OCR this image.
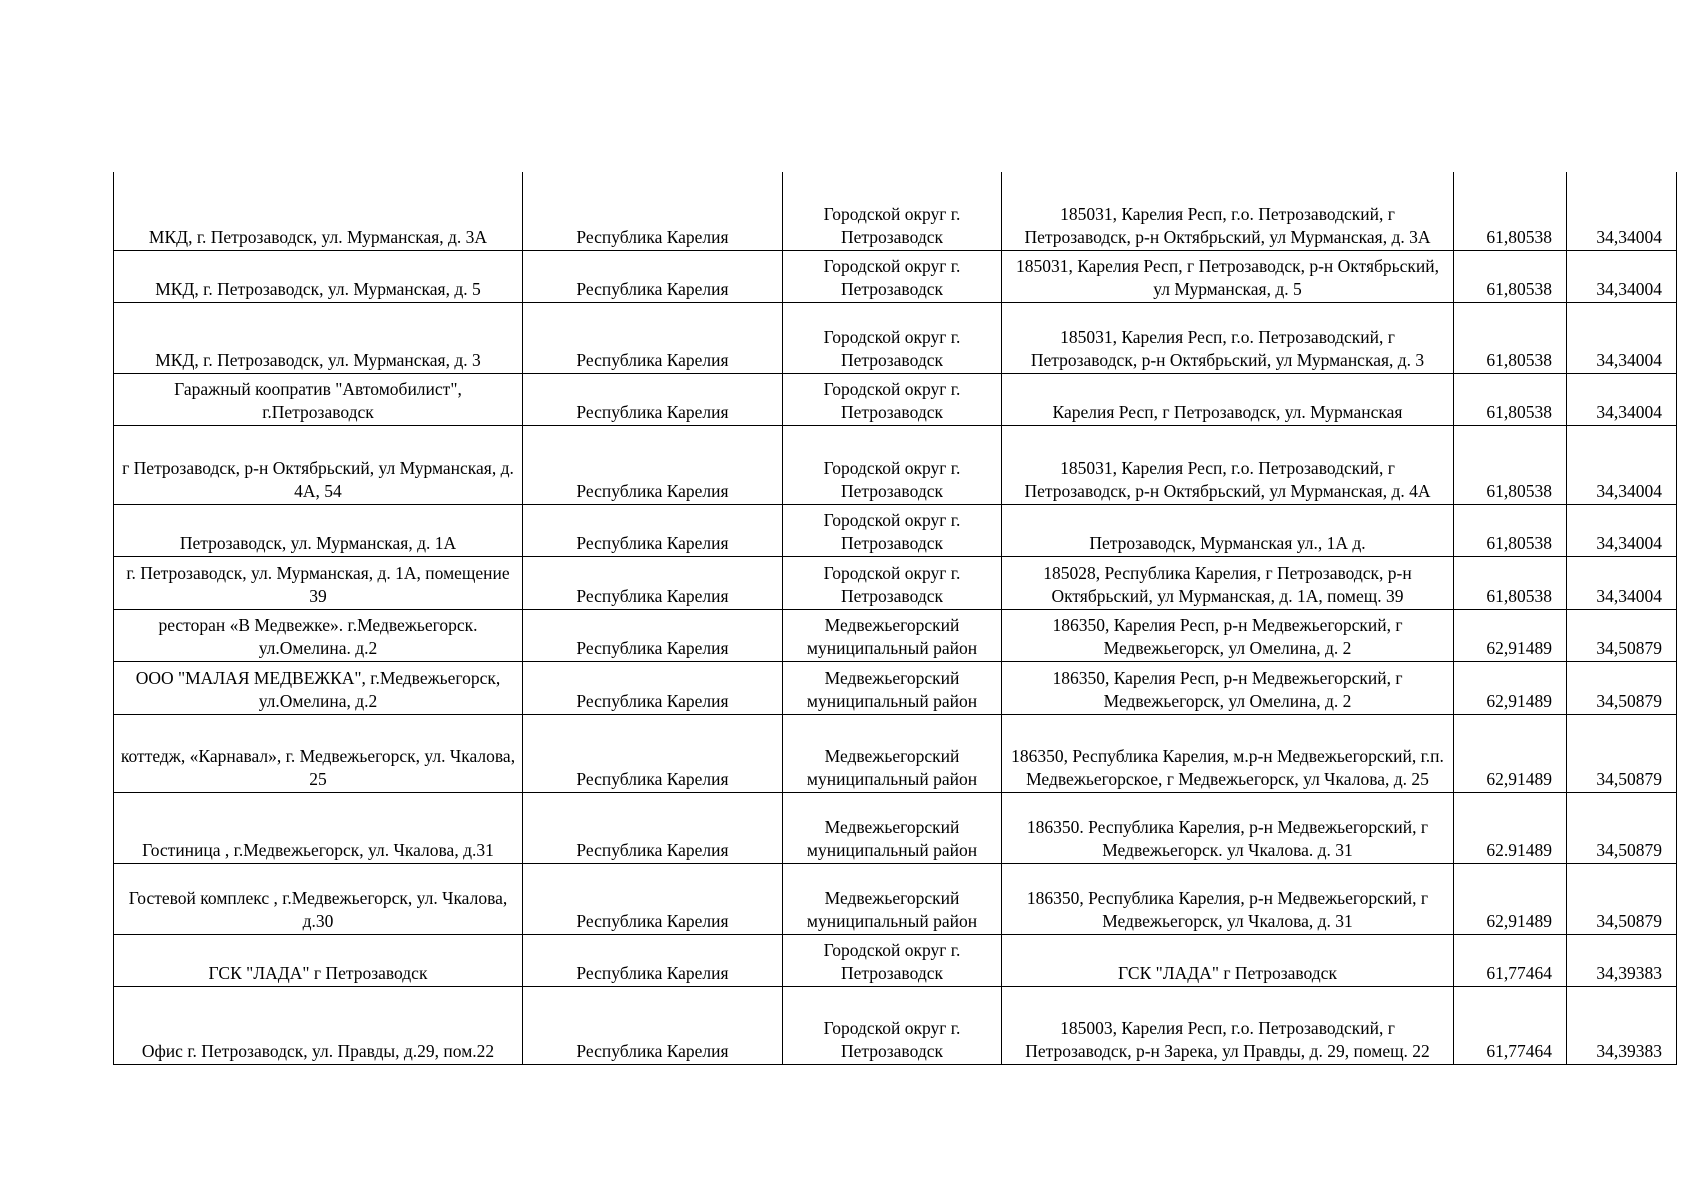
МКД, г. Петрозаводск, ул. Мурманская, д. 3А	Республика Карелия	Городской округ г. Петрозаводск	185031, Карелия Респ, г.о. Петрозаводский, г Петрозаводск, р-н Октябрьский, ул Мурманская, д. 3А	61,80538	34,34004
МКД, г. Петрозаводск, ул. Мурманская, д. 5	Республика Карелия	Городской округ г. Петрозаводск	185031, Карелия Респ, г Петрозаводск, р-н Октябрьский, ул Мурманская, д. 5	61,80538	34,34004
МКД, г. Петрозаводск, ул. Мурманская, д. 3	Республика Карелия	Городской округ г. Петрозаводск	185031, Карелия Респ, г.о. Петрозаводский, г Петрозаводск, р-н Октябрьский, ул Мурманская, д. 3	61,80538	34,34004
Гаражный коопратив "Автомобилист", г.Петрозаводск	Республика Карелия	Городской округ г. Петрозаводск	Карелия Респ, г Петрозаводск, ул. Мурманская	61,80538	34,34004
г Петрозаводск, р-н Октябрьский, ул Мурманская, д. 4А, 54	Республика Карелия	Городской округ г. Петрозаводск	185031, Карелия Респ, г.о. Петрозаводский, г Петрозаводск, р-н Октябрьский, ул Мурманская, д. 4А	61,80538	34,34004
Петрозаводск, ул. Мурманская, д. 1А	Республика Карелия	Городской округ г. Петрозаводск	Петрозаводск, Мурманская ул., 1А д.	61,80538	34,34004
г. Петрозаводск, ул. Мурманская, д. 1А, помещение 39	Республика Карелия	Городской округ г. Петрозаводск	185028, Республика Карелия, г Петрозаводск, р-н Октябрьский, ул Мурманская, д. 1А, помещ. 39	61,80538	34,34004
ресторан «В Медвежке». г.Медвежьегорск. ул.Омелина. д.2	Республика Карелия	Медвежьегорский муниципальный район	186350, Карелия Респ, р-н Медвежьегорский, г Медвежьегорск, ул Омелина, д. 2	62,91489	34,50879
ООО "МАЛАЯ МЕДВЕЖКА", г.Медвежьегорск, ул.Омелина, д.2	Республика Карелия	Медвежьегорский муниципальный район	186350, Карелия Респ, р-н Медвежьегорский, г Медвежьегорск, ул Омелина, д. 2	62,91489	34,50879
коттедж, «Карнавал», г. Медвежьегорск, ул. Чкалова, 25	Республика Карелия	Медвежьегорский муниципальный район	186350, Республика Карелия, м.р-н Медвежьегорский, г.п. Медвежьегорское, г Медвежьегорск, ул Чкалова, д. 25	62,91489	34,50879
Гостиница , г.Медвежьегорск, ул. Чкалова, д.31	Республика Карелия	Медвежьегорский муниципальный район	186350. Республика Карелия, р-н Медвежьегорский, г Медвежьегорск. ул Чкалова. д. 31	62.91489	34,50879
Гостевой комплекс , г.Медвежьегорск, ул. Чкалова, д.30	Республика Карелия	Медвежьегорский муниципальный район	186350, Республика Карелия, р-н Медвежьегорский, г Медвежьегорск, ул Чкалова, д. 31	62,91489	34,50879
ГСК "ЛАДА" г Петрозаводск	Республика Карелия	Городской округ г. Петрозаводск	ГСК "ЛАДА" г Петрозаводск	61,77464	34,39383
Офис г. Петрозаводск, ул. Правды, д.29, пом.22	Республика Карелия	Городской округ г. Петрозаводск	185003, Карелия Респ, г.о. Петрозаводский, г Петрозаводск, р-н Зарека, ул Правды, д. 29, помещ. 22	61,77464	34,39383
